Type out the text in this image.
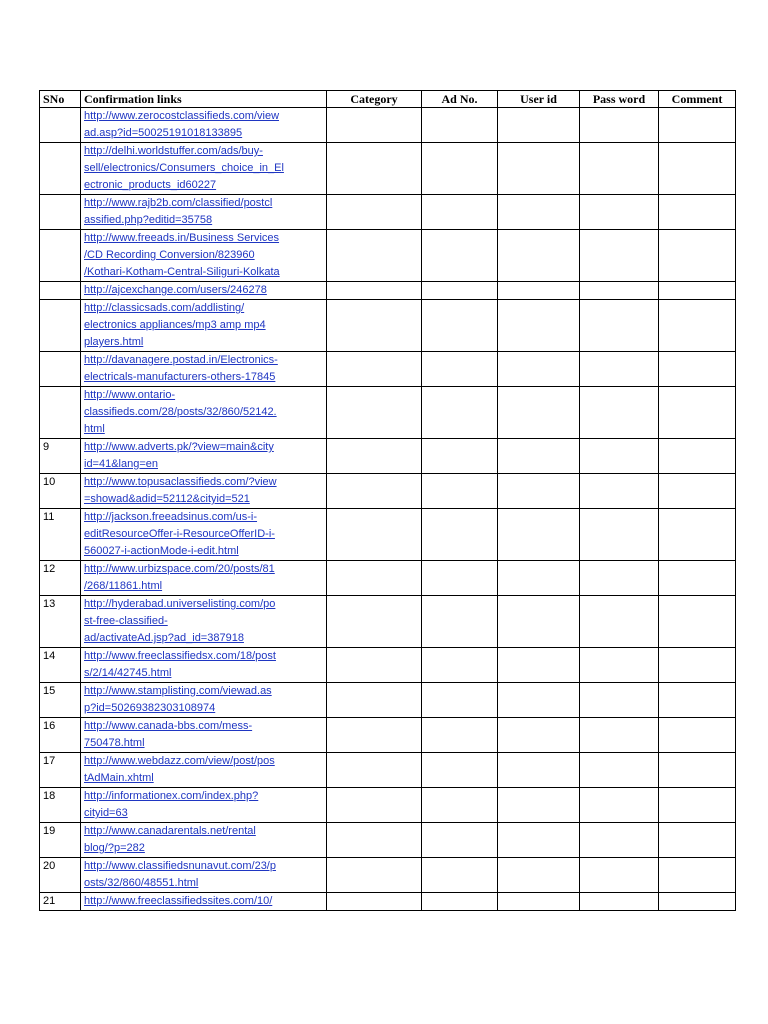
SNo	Confirmation links	Category	Ad No.	User id	Pass word	Comment
	http://www.zerocostclassifieds.com/view
ad.asp?id=50025191018133895					
	http://delhi.worldstuffer.com/ads/buy-
sell/electronics/Consumers_choice_in_El
ectronic_products_id60227					
	http://www.rajb2b.com/classified/postcl
assified.php?editid=35758					
	http://www.freeads.in/Business Services
/CD Recording Conversion/823960
/Kothari-Kotham-Central-Siliguri-Kolkata					
	http://ajcexchange.com/users/246278					
	http://classicsads.com/addlisting/
electronics appliances/mp3 amp mp4
players.html					
	http://davanagere.postad.in/Electronics-
electricals-manufacturers-others-17845					
	http://www.ontario-
classifieds.com/28/posts/32/860/52142.
html					
9	http://www.adverts.pk/?view=main&city
id=41&lang=en					
10	http://www.topusaclassifieds.com/?view
=showad&adid=52112&cityid=521					
11	http://jackson.freeadsinus.com/us-i-
editResourceOffer-i-ResourceOfferID-i-
560027-i-actionMode-i-edit.html					
12	http://www.urbizspace.com/20/posts/81
/268/11861.html					
13	http://hyderabad.universelisting.com/po
st-free-classified-
ad/activateAd.jsp?ad_id=387918					
14	http://www.freeclassifiedsx.com/18/post
s/2/14/42745.html					
15	http://www.stamplisting.com/viewad.as
p?id=50269382303108974					
16	http://www.canada-bbs.com/mess-
750478.html					
17	http://www.webdazz.com/view/post/pos
tAdMain.xhtml					
18	http://informationex.com/index.php?
cityid=63					
19	http://www.canadarentals.net/rental
blog/?p=282					
20	http://www.classifiedsnunavut.com/23/p
osts/32/860/48551.html					
21	http://www.freeclassifiedssites.com/10/					
